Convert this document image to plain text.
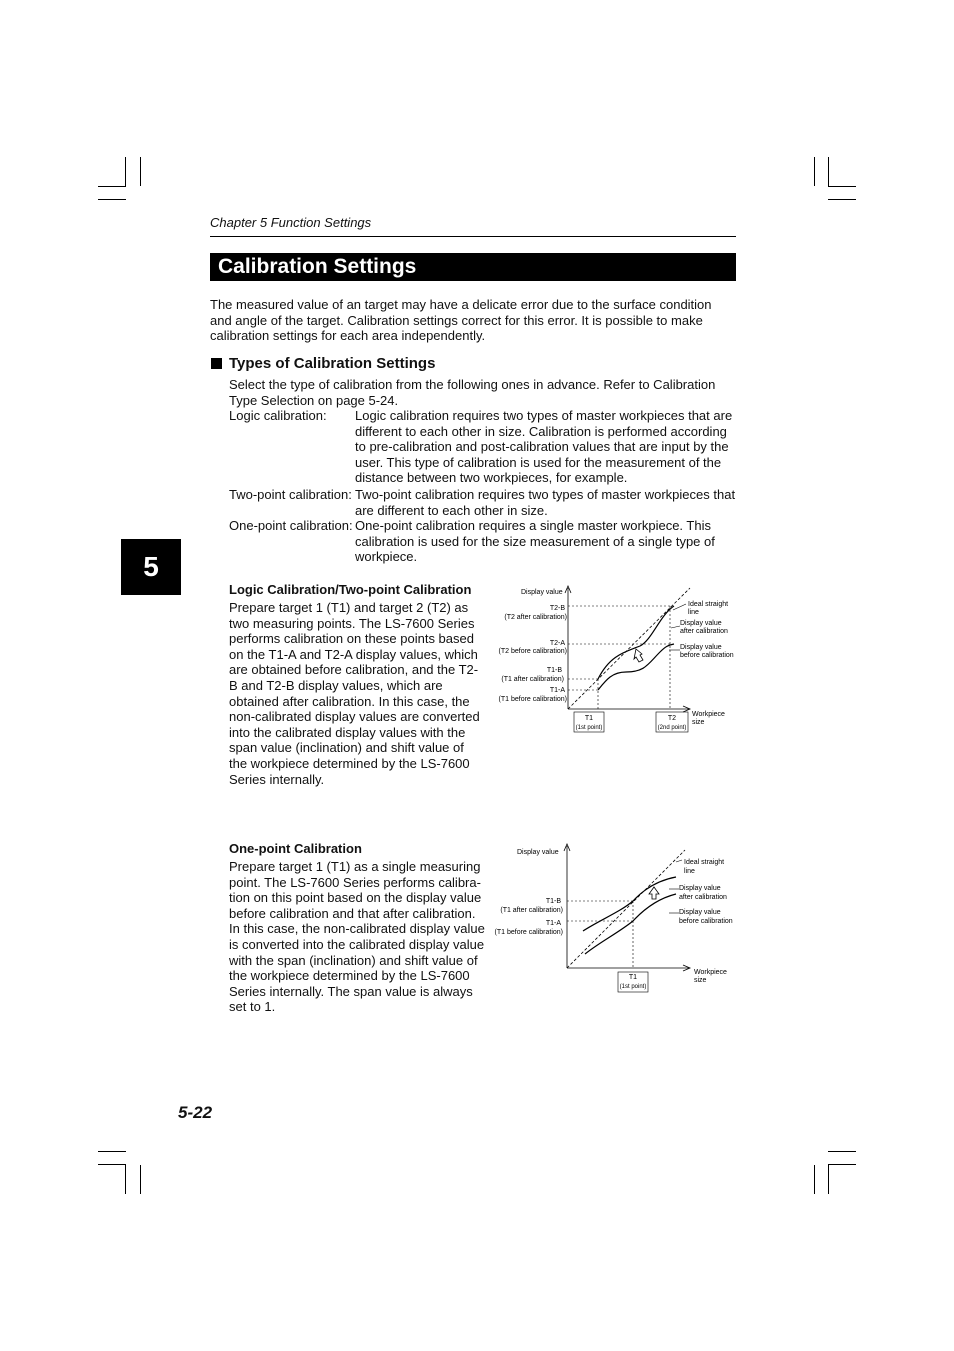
Chapter 5 Function Settings
Calibration Settings
The measured value of an target may have a delicate error due to the surface condition and angle of the target. Calibration settings correct for this error. It is possible to make calibration settings for each area independently.
Types of Calibration Settings
Select the type of calibration from the following ones in advance. Refer to Calibration Type Selection on page 5-24.
Logic calibration:	Logic calibration requires two types of master workpieces that are different to each other in size. Calibration is performed according to pre-calibration and post-calibration values that are input by the user. This type of calibration is used for the measurement of the distance between two workpieces, for example.
Two-point calibration: Two-point calibration requires two types of master workpieces that are different to each other in size.
One-point calibration: One-point calibration requires a single master workpiece. This calibration is used for the size measurement of a single type of workpiece.
5
Logic Calibration/Two-point Calibration
Prepare target 1 (T1) and target 2 (T2) as two measuring points. The LS-7600 Series performs calibration on these points based on the T1-A and T2-A display values, which are obtained before calibration, and the T2-B and T2-B display values, which are obtained after calibration. In this case, the non-calibrated display values are converted into the calibrated display values with the span value (inclination) and shift value of the workpiece determined by the LS-7600 Series internally.
Display value
T2-B
(T2 after calibration)
T2-A
(T2 before calibration)
T1-B
(T1 after calibration)
T1-A
(T1 before calibration)
Ideal straight
line
Display value
after calibration
Display value
before calibration
Workpiece
size
T1	T2
(1st point)	(2nd point)
One-point Calibration
Prepare target 1 (T1) as a single measuring point. The LS-7600 Series performs calibra-tion on this point based on the display value before calibration and that after calibration. In this case, the non-calibrated display value is converted into the calibrated display value with the span (inclination) and shift value of the workpiece determined by the LS-7600 Series internally. The span value is always set to 1.
Display value
T1-B
(T1 after calibration)
T1-A
(T1 before calibration)
Ideal straight
line
Display value
after calibration
Display value
before calibration
Workpiece
size
T1
(1st point)
5-22
